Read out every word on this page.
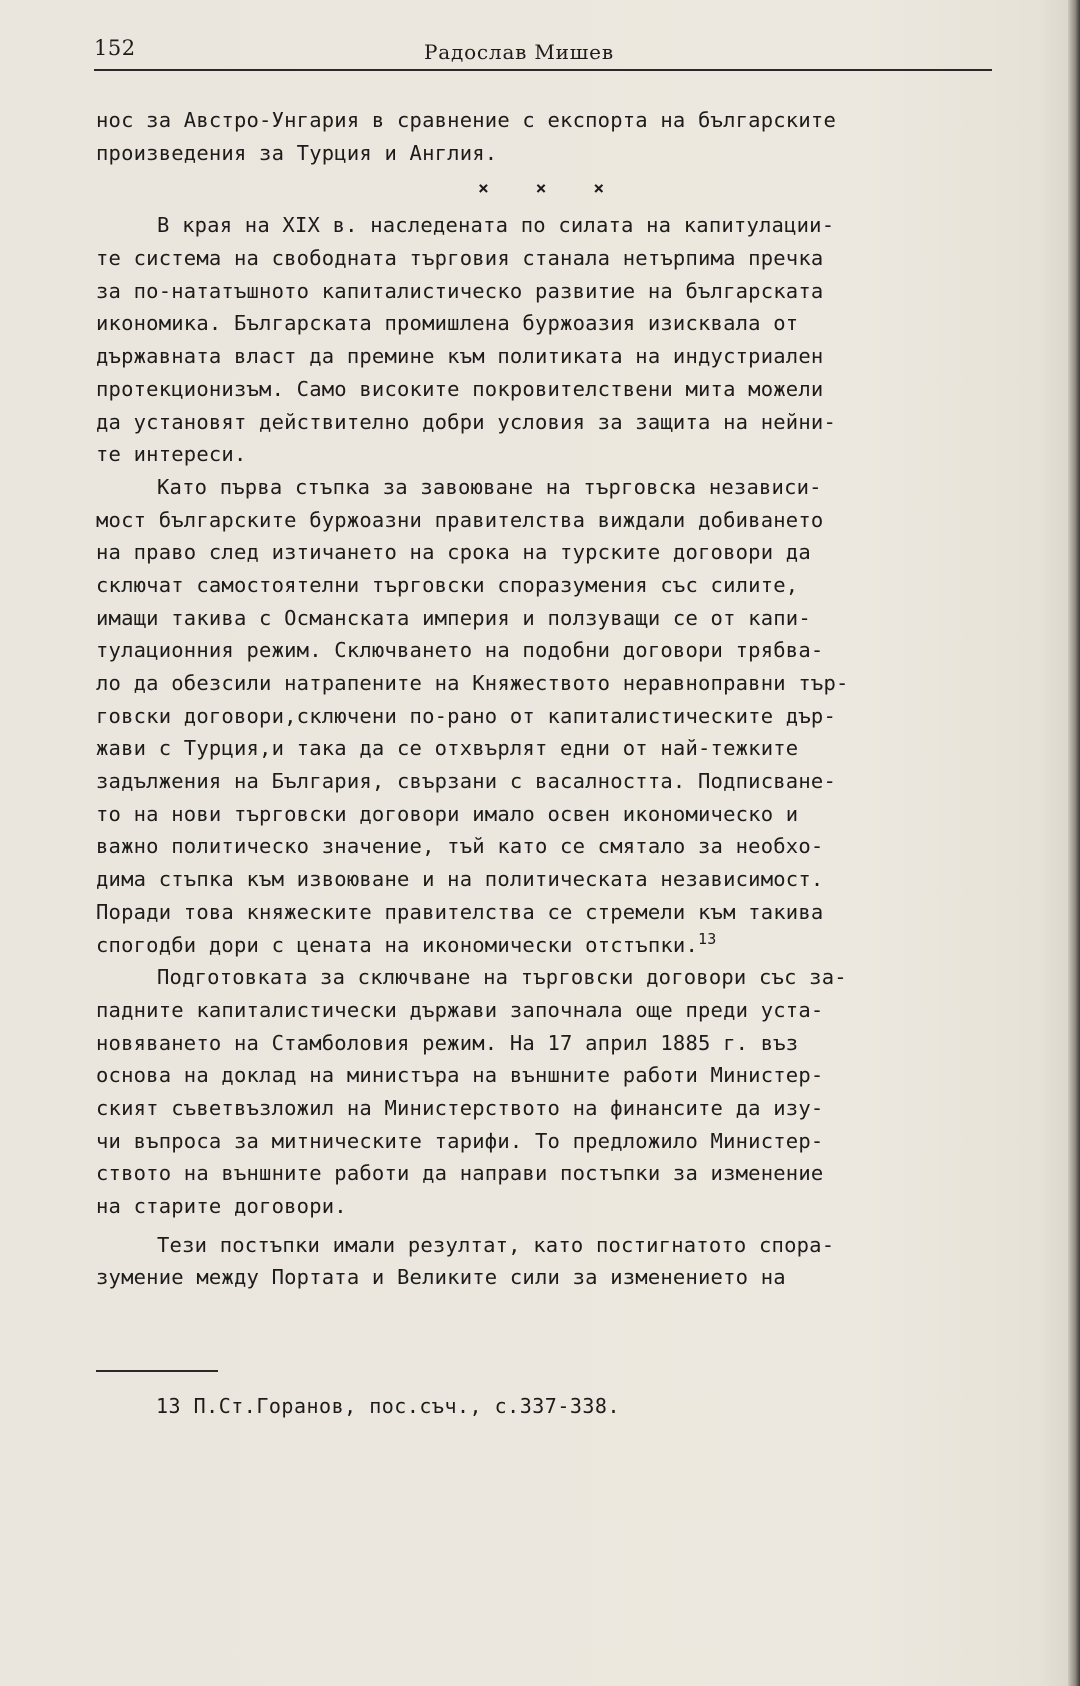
152	Радослав Мишев
нос за Австро-Унгария в сравнение с експорта на българските
произведения за Турция и Англия.
× × ×
В края на XIX в. наследената по силата на капитулации-
те система на свободната търговия станала нетърпима пречка
за по-нататъшното капиталистическо развитие на българската
икономика. Българската промишлена буржоазия изисквала от
държавната власт да премине към политиката на индустриален
протекционизъм. Само високите покровителствени мита можели
да установят действително добри условия за защита на нейни-
те интереси.
Като първа стъпка за завоюване на търговска независи-
мост българските буржоазни правителства виждали добиването
на право след изтичането на срока на турските договори да
сключат самостоятелни търговски споразумения със силите,
имащи такива с Османската империя и ползуващи се от капи-
тулационния режим. Сключването на подобни договори трябва-
ло да обезсили натрапените на Княжеството неравноправни тър-
говски договори,сключени по-рано от капиталистическите дър-
жави с Турция,и така да се отхвърлят едни от най-тежките
задължения на България, свързани с васалността. Подписване-
то на нови търговски договори имало освен икономическо и
важно политическо значение, тъй като се смятало за необхо-
дима стъпка към извоюване и на политическата независимост.
Поради това княжеските правителства се стремели към такива
спогодби дори с цената на икономически отстъпки.$^{13}$
Подготовката за сключване на търговски договори със за-
падните капиталистически държави започнала още преди уста-
новяването на Стамболовия режим. На 17 април 1885 г. въз
основа на доклад на министъра на външните работи Министер-
ският съветвъзложил на Министерството на финансите да изу-
чи въпроса за митническите тарифи. То предложило Министер-
ството на външните работи да направи постъпки за изменение
на старите договори.
Тези постъпки имали резултат, като постигнатото спора-
зумение между Портата и Великите сили за изменението на
13 П.Ст.Горанов, пос.съч., с.337-338.
